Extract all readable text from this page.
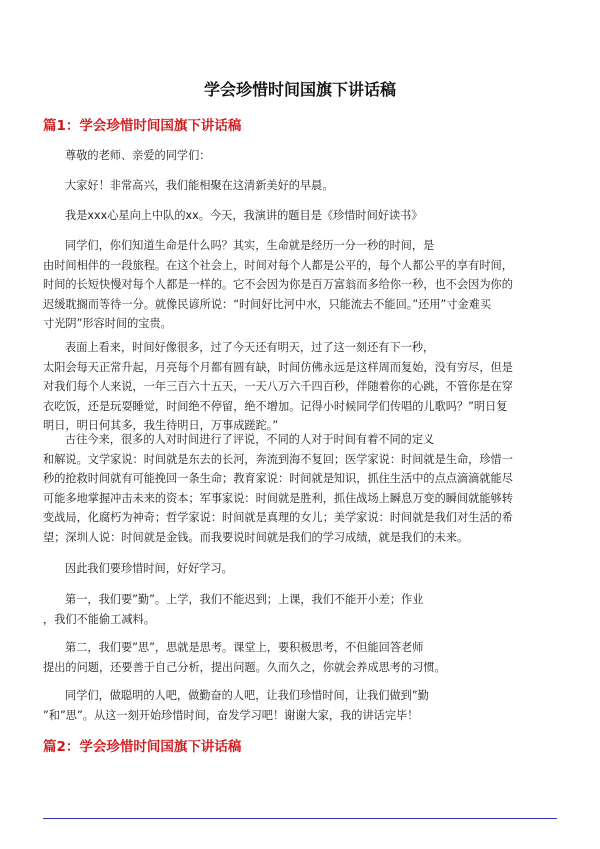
学会珍惜时间国旗下讲话稿
篇1：学会珍惜时间国旗下讲话稿
尊敬的老师、亲爱的同学们：
大家好！非常高兴，我们能相聚在这清新美好的早晨。
我是xxx心星向上中队的xx。今天，我演讲的题目是《珍惜时间好读书》
同学们，你们知道生命是什么吗？其实，生命就是经历一分一秒的时间，是
由时间相伴的一段旅程。在这个社会上，时间对每个人都是公平的，每个人都公平的享有时间，
时间的长短快慢对每个人都是一样的。它不会因为你是百万富翁而多给你一秒，也不会因为你的
迟缓耽搁而等待一分。就像民谚所说：“时间好比河中水，只能流去不能回。”还用”寸金难买
寸光阴”形容时间的宝贵。
表面上看来，时间好像很多，过了今天还有明天，过了这一刻还有下一秒，
太阳会每天正常升起，月亮每个月都有圆有缺，时间仿佛永远是这样周而复始，没有穷尽，但是
对我们每个人来说，一年三百六十五天，一天八万六千四百秒，伴随着你的心跳，不管你是在穿
衣吃饭，还是玩耍睡觉，时间绝不停留，绝不增加。记得小时候同学们传唱的儿歌吗？”明日复
明日，明日何其多，我生待明日，万事成蹉跎。”
古往今来，很多的人对时间进行了评说，不同的人对于时间有着不同的定义
和解说。文学家说：时间就是东去的长河，奔流到海不复回；医学家说：时间就是生命，珍惜一
秒的抢救时间就有可能挽回一条生命；教育家说：时间就是知识，抓住生活中的点点滴滴就能尽
可能多地掌握冲击未来的资本；军事家说：时间就是胜利，抓住战场上瞬息万变的瞬间就能够转
变战局，化腐朽为神奇；哲学家说：时间就是真理的女儿；美学家说：时间就是我们对生活的希
望；深圳人说：时间就是金钱。而我要说时间就是我们的学习成绩，就是我们的未来。
因此我们要珍惜时间，好好学习。
第一，我们要”勤”。上学，我们不能迟到；上课，我们不能开小差；作业
，我们不能偷工减料。
第二，我们要”思”，思就是思考。课堂上，要积极思考，不但能回答老师
提出的问题，还要善于自己分析，提出问题。久而久之，你就会养成思考的习惯。
同学们，做聪明的人吧，做勤奋的人吧，让我们珍惜时间，让我们做到”勤
”和”思”。从这一刻开始珍惜时间，奋发学习吧！谢谢大家，我的讲话完毕！
篇2：学会珍惜时间国旗下讲话稿
